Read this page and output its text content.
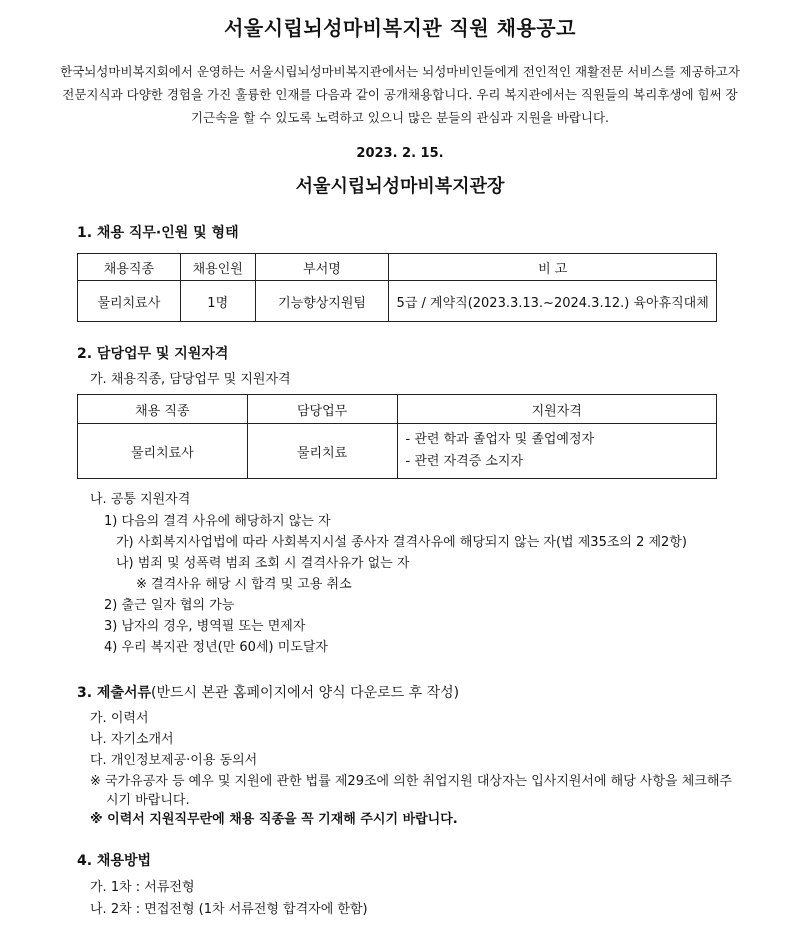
서울시립뇌성마비복지관 직원 채용공고
한국뇌성마비복지회에서 운영하는 서울시립뇌성마비복지관에서는 뇌성마비인들에게 전인적인 재활전문 서비스를 제공하고자 전문지식과 다양한 경험을 가진 훌륭한 인재를 다음과 같이 공개채용합니다. 우리 복지관에서는 직원들의 복리후생에 힘써 장기근속을 할 수 있도록 노력하고 있으니 많은 분들의 관심과 지원을 바랍니다.
2023. 2. 15.
서울시립뇌성마비복지관장
1. 채용 직무·인원 및 형태
채용직종	채용인원	부서명	비 고
물리치료사	1명	기능향상지원팀	5급 / 계약직(2023.3.13.~2024.3.12.) 육아휴직대체
2. 담당업무 및 지원자격
가. 채용직종, 담당업무 및 지원자격
채용 직종	담당업무	지원자격
물리치료사	물리치료	- 관련 학과 졸업자 및 졸업예정자
- 관련 자격증 소지자
나. 공통 지원자격
1) 다음의 결격 사유에 해당하지 않는 자
가) 사회복지사업법에 따라 사회복지시설 종사자 결격사유에 해당되지 않는 자(법 제35조의 2 제2항)
나) 범죄 및 성폭력 범죄 조회 시 결격사유가 없는 자
※ 결격사유 해당 시 합격 및 고용 취소
2) 출근 일자 협의 가능
3) 남자의 경우, 병역필 또는 면제자
4) 우리 복지관 정년(만 60세) 미도달자
3. 제출서류(반드시 본관 홈페이지에서 양식 다운로드 후 작성)
가. 이력서
나. 자기소개서
다. 개인정보제공·이용 동의서
※ 국가유공자 등 예우 및 지원에 관한 법률 제29조에 의한 취업지원 대상자는 입사지원서에 해당 사항을 체크해주
시기 바랍니다.
※ 이력서 지원직무란에 채용 직종을 꼭 기재해 주시기 바랍니다.
4. 채용방법
가. 1차 : 서류전형
나. 2차 : 면접전형 (1차 서류전형 합격자에 한함)
